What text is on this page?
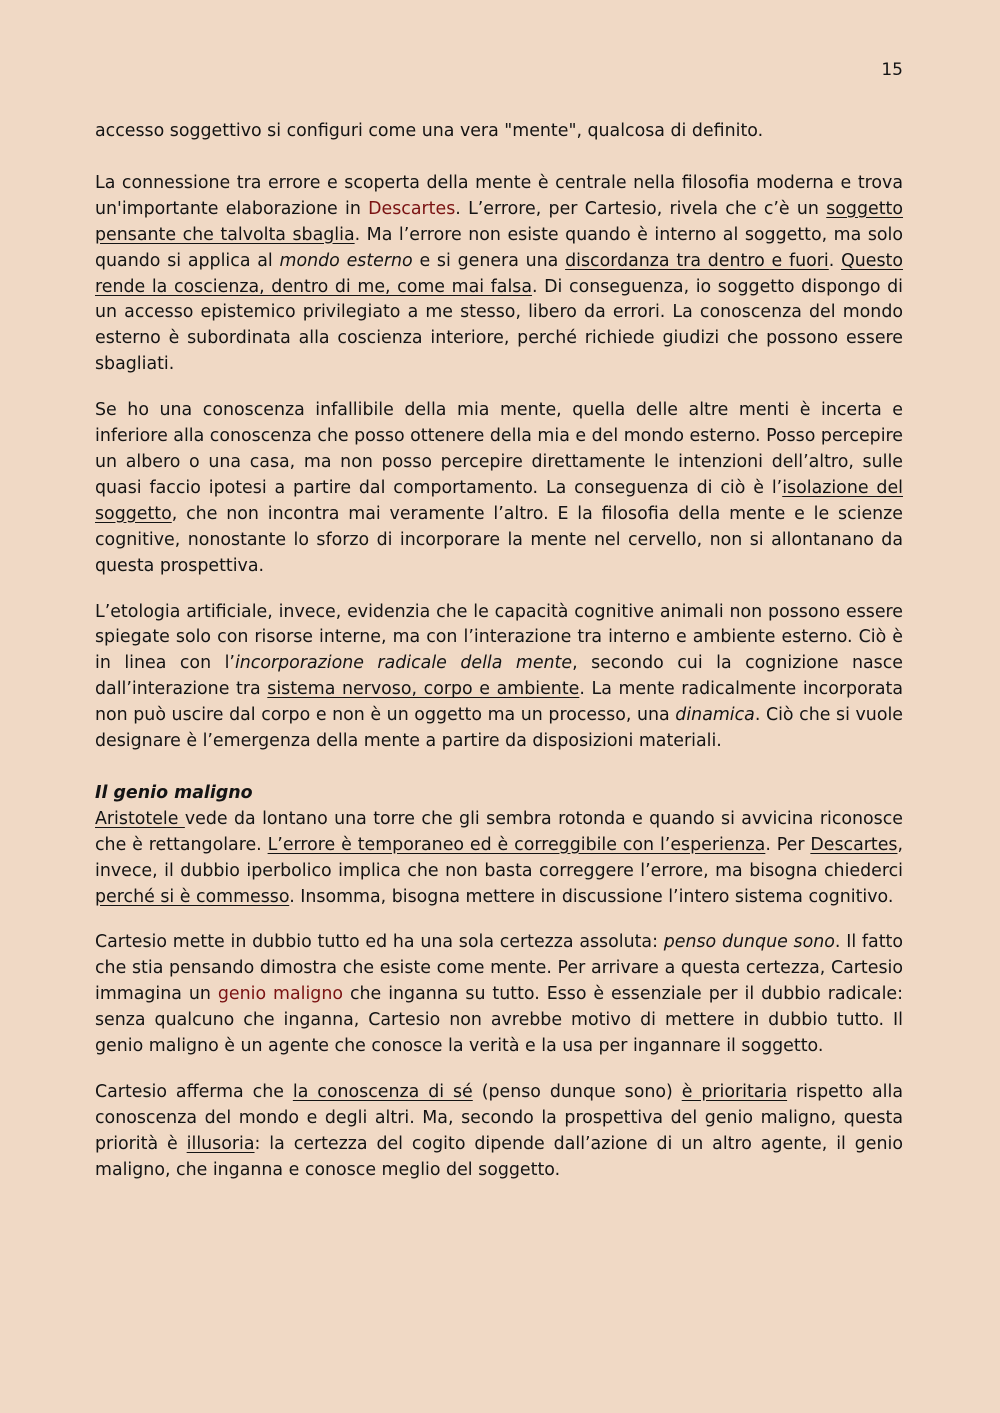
15

accesso soggettivo si configuri come una vera "mente", qualcosa di definito.

La connessione tra errore e scoperta della mente è centrale nella filosofia moderna e trova un'importante elaborazione in Descartes. L’errore, per Cartesio, rivela che c’è un soggetto pensante che talvolta sbaglia. Ma l’errore non esiste quando è interno al soggetto, ma solo quando si applica al mondo esterno e si genera una discordanza tra dentro e fuori. Questo rende la coscienza, dentro di me, come mai falsa. Di conseguenza, io soggetto dispongo di un accesso epistemico privilegiato a me stesso, libero da errori. La conoscenza del mondo esterno è subordinata alla coscienza interiore, perché richiede giudizi che possono essere sbagliati.

Se ho una conoscenza infallibile della mia mente, quella delle altre menti è incerta e inferiore alla conoscenza che posso ottenere della mia e del mondo esterno. Posso percepire un albero o una casa, ma non posso percepire direttamente le intenzioni dell’altro, sulle quasi faccio ipotesi a partire dal comportamento. La conseguenza di ciò è l’isolazione del soggetto, che non incontra mai veramente l’altro. E la filosofia della mente e le scienze cognitive, nonostante lo sforzo di incorporare la mente nel cervello, non si allontanano da questa prospettiva.

L’etologia artificiale, invece, evidenzia che le capacità cognitive animali non possono essere spiegate solo con risorse interne, ma con l’interazione tra interno e ambiente esterno. Ciò è in linea con l’incorporazione radicale della mente, secondo cui la cognizione nasce dall’interazione tra sistema nervoso, corpo e ambiente. La mente radicalmente incorporata non può uscire dal corpo e non è un oggetto ma un processo, una dinamica. Ciò che si vuole designare è l’emergenza della mente a partire da disposizioni materiali.

Il genio maligno

Aristotele vede da lontano una torre che gli sembra rotonda e quando si avvicina riconosce che è rettangolare. L’errore è temporaneo ed è correggibile con l’esperienza. Per Descartes, invece, il dubbio iperbolico implica che non basta correggere l’errore, ma bisogna chiederci perché si è commesso. Insomma, bisogna mettere in discussione l’intero sistema cognitivo.

Cartesio mette in dubbio tutto ed ha una sola certezza assoluta: penso dunque sono. Il fatto che stia pensando dimostra che esiste come mente. Per arrivare a questa certezza, Cartesio immagina un genio maligno che inganna su tutto. Esso è essenziale per il dubbio radicale: senza qualcuno che inganna, Cartesio non avrebbe motivo di mettere in dubbio tutto. Il genio maligno è un agente che conosce la verità e la usa per ingannare il soggetto.

Cartesio afferma che la conoscenza di sé (penso dunque sono) è prioritaria rispetto alla conoscenza del mondo e degli altri. Ma, secondo la prospettiva del genio maligno, questa priorità è illusoria: la certezza del cogito dipende dall’azione di un altro agente, il genio maligno, che inganna e conosce meglio del soggetto.
